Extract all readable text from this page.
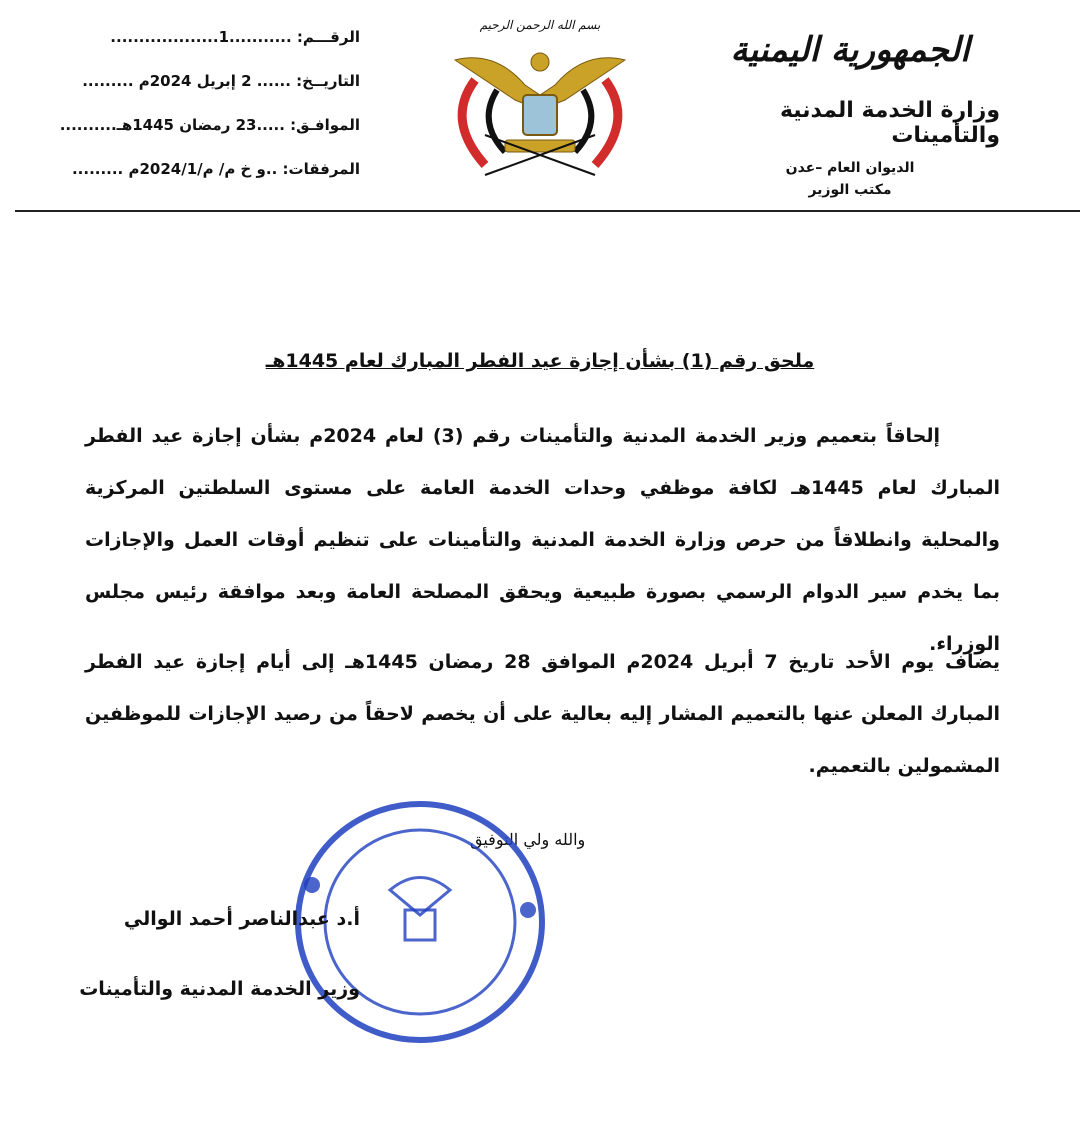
الرقـــم: ...........1...................
التاريــخ: ...... 2 إبريل 2024م .........
الموافـق: .....23 رمضان 1445هـ..........
المرفقات: ..و خ م/ م/2024/1م .........
بسم الله الرحمن الرحيم
الجمهورية اليمنية
وزارة الخدمة المدنية والتأمينات
الديوان العام –عدن
مكتب الوزير
ملحق رقم (1) بشأن إجازة عيد الفطر المبارك لعام 1445هـ
إلحاقاً بتعميم وزير الخدمة المدنية والتأمينات رقم (3) لعام 2024م بشأن إجازة عيد الفطر المبارك لعام 1445هـ لكافة موظفي وحدات الخدمة العامة على مستوى السلطتين المركزية والمحلية وانطلاقاً من حرص وزارة الخدمة المدنية والتأمينات على تنظيم أوقات العمل والإجازات بما يخدم سير الدوام الرسمي بصورة طبيعية ويحقق المصلحة العامة وبعد موافقة رئيس مجلس الوزراء.
يضاف يوم الأحد تاريخ 7 أبريل 2024م الموافق 28 رمضان 1445هـ إلى أيام إجازة عيد الفطر المبارك المعلن عنها بالتعميم المشار إليه بعالية على أن يخصم لاحقاً من رصيد الإجازات للموظفين المشمولين بالتعميم.
والله ولي التوفيق
أ.د عبدالناصر أحمد الوالي
وزير الخدمة المدنية والتأمينات
